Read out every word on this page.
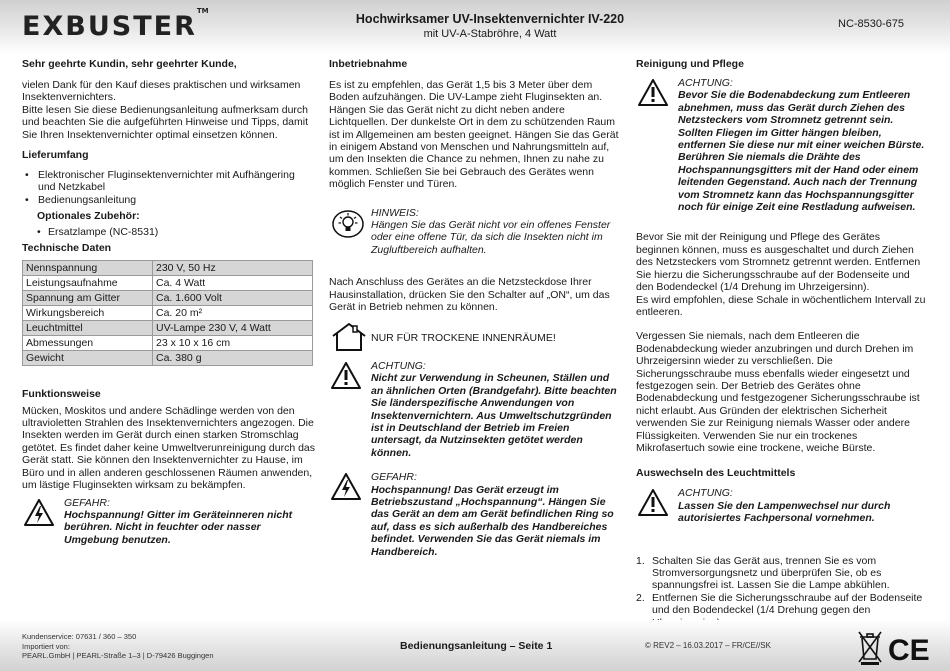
EXBUSTER™
Hochwirksamer UV-Insektenvernichter IV-220
mit UV-A-Stabröhre, 4 Watt
NC-8530-675
Sehr geehrte Kundin, sehr geehrter Kunde,

vielen Dank für den Kauf dieses praktischen und wirksamen Insektenvernichters.

Bitte lesen Sie diese Bedienungsanleitung aufmerksam durch und beachten Sie die aufgeführten Hinweise und Tipps, damit Sie Ihren Insektenvernichter optimal einsetzen können.

Lieferumfang
• Elektronischer Fluginsektenvernichter mit Aufhängering und Netzkabel
• Bedienungsanleitung
Optionales Zubehör:
• Ersatzlampe (NC-8531)
Technische Daten
Nennspannung	230 V, 50 Hz
Leistungsaufnahme	Ca. 4 Watt
Spannung am Gitter	Ca. 1.600 Volt
Wirkungsbereich	Ca. 20 m²
Leuchtmittel	UV-Lampe 230 V, 4 Watt
Abmessungen	23 x 10 x 16 cm
Gewicht	Ca. 380 g
Funktionsweise

Mücken, Moskitos und andere Schädlinge werden von den ultravioletten Strahlen des Insektenvernichters angezogen. Die Insekten werden im Gerät durch einen starken Stromschlag getötet. Es findet daher keine Umweltverunreinigung durch das Gerät statt. Sie können den Insektenvernichter zu Hause, im Büro und in allen anderen geschlossenen Räumen anwenden, um lästige Fluginsekten wirksam zu bekämpfen.

GEFAHR:
Hochspannung! Gitter im Geräteinneren nicht berühren. Nicht in feuchter oder nasser Umgebung benutzen.
Inbetriebnahme

Es ist zu empfehlen, das Gerät 1,5 bis 3 Meter über dem Boden aufzuhängen. Die UV-Lampe zieht Fluginsekten an. Hängen Sie das Gerät nicht zu dicht neben andere Lichtquellen. Der dunkelste Ort in dem zu schützenden Raum ist im Allgemeinen am besten geeignet. Hängen Sie das Gerät in einigem Abstand von Menschen und Nahrungsmitteln auf, um den Insekten die Chance zu nehmen, Ihnen zu nahe zu kommen. Schließen Sie bei Gebrauch des Gerätes wenn möglich Fenster und Türen.

HINWEIS:
Hängen Sie das Gerät nicht vor ein offenes Fenster oder eine offene Tür, da sich die Insekten nicht im Zugluftbereich aufhalten.

Nach Anschluss des Gerätes an die Netzsteckdose Ihrer Hausinstallation, drücken Sie den Schalter auf „ON“, um das Gerät in Betrieb nehmen zu können.

NUR FÜR TROCKENE INNENRÄUME!
ACHTUNG:
Nicht zur Verwendung in Scheunen, Ställen und an ähnlichen Orten (Brandgefahr). Bitte beachten Sie länderspezifische Anwendungen von Insektenvernichtern. Aus Umweltschutzgründen ist in Deutschland der Betrieb im Freien untersagt, da Nutzinsekten getötet werden können.
GEFAHR:
Hochspannung! Das Gerät erzeugt im Betriebszustand „Hochspannung“. Hängen Sie das Gerät an dem am Gerät befindlichen Ring so auf, dass es sich außerhalb des Handbereiches befindet. Verwenden Sie das Gerät niemals im Handbereich.
Reinigung und Pflege
ACHTUNG:
Bevor Sie die Bodenabdeckung zum Entleeren abnehmen, muss das Gerät durch Ziehen des Netzsteckers vom Stromnetz getrennt sein. Sollten Fliegen im Gitter hängen bleiben, entfernen Sie diese nur mit einer weichen Bürste. Berühren Sie niemals die Drähte des Hochspannungsgitters mit der Hand oder einem leitenden Gegenstand. Auch nach der Trennung vom Stromnetz kann das Hochspannungsgitter noch für einige Zeit eine Restladung aufweisen.

Bevor Sie mit der Reinigung und Pflege des Gerätes beginnen können, muss es ausgeschaltet und durch Ziehen des Netzsteckers vom Stromnetz getrennt werden. Entfernen Sie hierzu die Sicherungsschraube auf der Bodenseite und den Bodendeckel (1/4 Drehung im Uhrzeigersinn).

Es wird empfohlen, diese Schale in wöchentlichem Intervall zu entleeren.

Vergessen Sie niemals, nach dem Entleeren die Bodenabdeckung wieder anzubringen und durch Drehen im Uhrzeigersinn wieder zu verschließen. Die Sicherungsschraube muss ebenfalls wieder eingesetzt und festgezogen sein. Der Betrieb des Gerätes ohne Bodenabdeckung und festgezogener Sicherungsschraube ist nicht erlaubt. Aus Gründen der elektrischen Sicherheit verwenden Sie zur Reinigung niemals Wasser oder andere Flüssigkeiten. Verwenden Sie nur ein trockenes Mikrofasertuch sowie eine trockene, weiche Bürste.

Auswechseln des Leuchtmittels
ACHTUNG:
Lassen Sie den Lampenwechsel nur durch autorisiertes Fachpersonal vornehmen.
1. Schalten Sie das Gerät aus, trennen Sie es vom Stromversorgungsnetz und überprüfen Sie, ob es spannungsfrei ist. Lassen Sie die Lampe abkühlen.
2. Entfernen Sie die Sicherungsschraube auf der Bodenseite und den Bodendeckel (1/4 Drehung gegen den
Kundenservice: 07631 / 360 – 350
Importiert von:
PEARL.GmbH | PEARL-Straße 1–3 | D-79426 Buggingen
Bedienungsanleitung – Seite 1	© REV2 – 16.03.2017 – FR/CE//SK	CE
